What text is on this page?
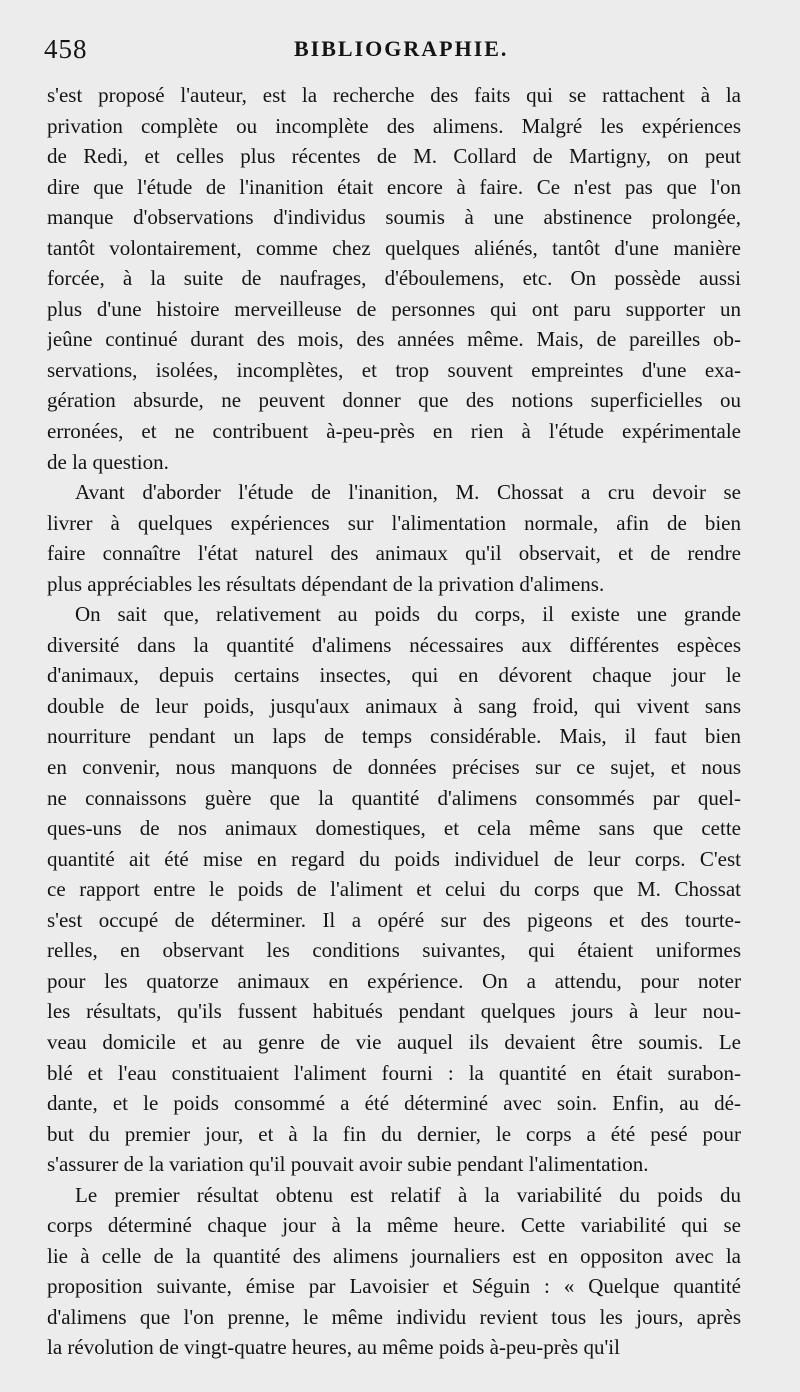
458	BIBLIOGRAPHIE.
s'est proposé l'auteur, est la recherche des faits qui se rattachent à la
privation complète ou incomplète des alimens. Malgré les expériences
de Redi, et celles plus récentes de M. Collard de Martigny, on peut
dire que l'étude de l'inanition était encore à faire. Ce n'est pas que l'on
manque d'observations d'individus soumis à une abstinence prolongée,
tantôt volontairement, comme chez quelques aliénés, tantôt d'une manière
forcée, à la suite de naufrages, d'éboulemens, etc. On possède aussi
plus d'une histoire merveilleuse de personnes qui ont paru supporter un
jeûne continué durant des mois, des années même. Mais, de pareilles ob-
servations, isolées, incomplètes, et trop souvent empreintes d'une exa-
gération absurde, ne peuvent donner que des notions superficielles ou
erronées, et ne contribuent à-peu-près en rien à l'étude expérimentale
de la question.
Avant d'aborder l'étude de l'inanition, M. Chossat a cru devoir se
livrer à quelques expériences sur l'alimentation normale, afin de bien
faire connaître l'état naturel des animaux qu'il observait, et de rendre
plus appréciables les résultats dépendant de la privation d'alimens.
On sait que, relativement au poids du corps, il existe une grande
diversité dans la quantité d'alimens nécessaires aux différentes espèces
d'animaux, depuis certains insectes, qui en dévorent chaque jour le
double de leur poids, jusqu'aux animaux à sang froid, qui vivent sans
nourriture pendant un laps de temps considérable. Mais, il faut bien
en convenir, nous manquons de données précises sur ce sujet, et nous
ne connaissons guère que la quantité d'alimens consommés par quel-
ques-uns de nos animaux domestiques, et cela même sans que cette
quantité ait été mise en regard du poids individuel de leur corps. C'est
ce rapport entre le poids de l'aliment et celui du corps que M. Chossat
s'est occupé de déterminer. Il a opéré sur des pigeons et des tourte-
relles, en observant les conditions suivantes, qui étaient uniformes
pour les quatorze animaux en expérience. On a attendu, pour noter
les résultats, qu'ils fussent habitués pendant quelques jours à leur nou-
veau domicile et au genre de vie auquel ils devaient être soumis. Le
blé et l'eau constituaient l'aliment fourni : la quantité en était surabon-
dante, et le poids consommé a été déterminé avec soin. Enfin, au dé-
but du premier jour, et à la fin du dernier, le corps a été pesé pour
s'assurer de la variation qu'il pouvait avoir subie pendant l'alimentation.
Le premier résultat obtenu est relatif à la variabilité du poids du
corps déterminé chaque jour à la même heure. Cette variabilité qui se
lie à celle de la quantité des alimens journaliers est en oppositon avec la
proposition suivante, émise par Lavoisier et Séguin : « Quelque quantité
d'alimens que l'on prenne, le même individu revient tous les jours, après
la révolution de vingt-quatre heures, au même poids à-peu-près qu'il
